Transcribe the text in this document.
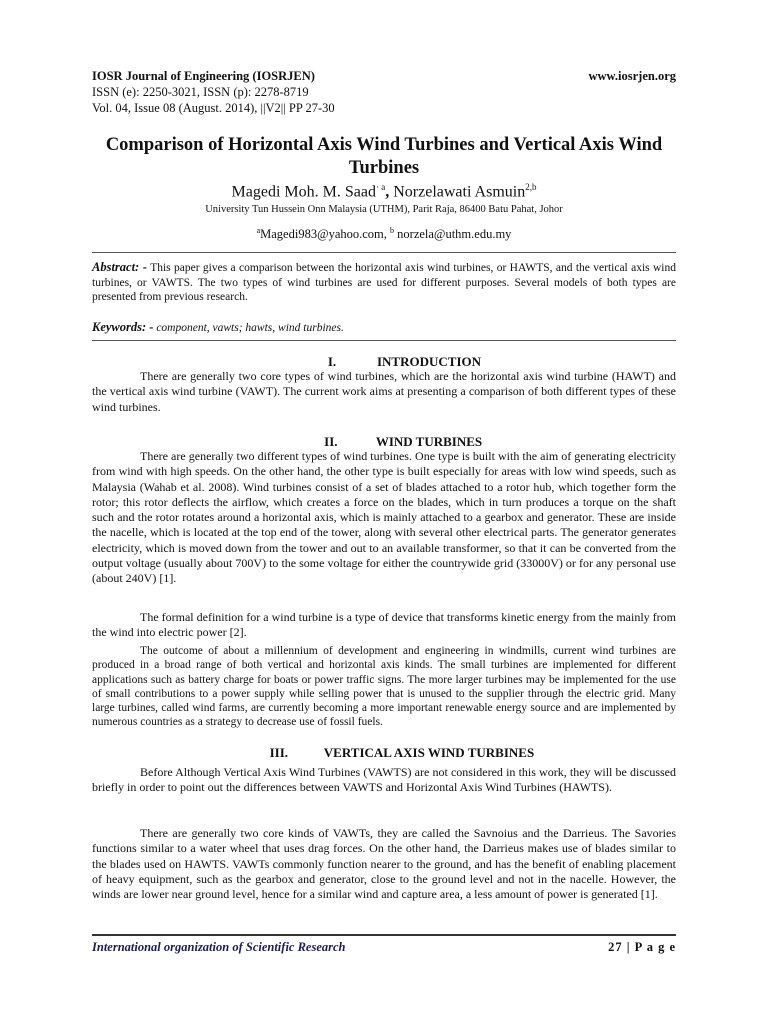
IOSR Journal of Engineering (IOSRJEN)	www.iosrjen.org
ISSN (e): 2250-3021, ISSN (p): 2278-8719
Vol. 04, Issue 08 (August. 2014), ||V2|| PP 27-30
Comparison of Horizontal Axis Wind Turbines and Vertical Axis Wind Turbines
Magedi Moh. M. Saad$^{\cdot a}$, Norzelawati Asmuin$^{2,b}$
University Tun Hussein Onn Malaysia (UTHM), Parit Raja, 86400 Batu Pahat, Johor
$^a$Magedi983@yahoo.com, $^b$ norzela@uthm.edu.my
Abstract: - This paper gives a comparison between the horizontal axis wind turbines, or HAWTS, and the vertical axis wind turbines, or VAWTS. The two types of wind turbines are used for different purposes. Several models of both types are presented from previous research.
Keywords: - component, vawts; hawts, wind turbines.
I.	INTRODUCTION

There are generally two core types of wind turbines, which are the horizontal axis wind turbine (HAWT) and the vertical axis wind turbine (VAWT). The current work aims at presenting a comparison of both different types of these wind turbines.

II.	WIND TURBINES

There are generally two different types of wind turbines. One type is built with the aim of generating electricity from wind with high speeds. On the other hand, the other type is built especially for areas with low wind speeds, such as Malaysia (Wahab et al. 2008). Wind turbines consist of a set of blades attached to a rotor hub, which together form the rotor; this rotor deflects the airflow, which creates a force on the blades, which in turn produces a torque on the shaft such and the rotor rotates around a horizontal axis, which is mainly attached to a gearbox and generator. These are inside the nacelle, which is located at the top end of the tower, along with several other electrical parts. The generator generates electricity, which is moved down from the tower and out to an available transformer, so that it can be converted from the output voltage (usually about 700V) to the some voltage for either the countrywide grid (33000V) or for any personal use (about 240V) [1].

The formal definition for a wind turbine is a type of device that transforms kinetic energy from the mainly from the wind into electric power [2].

The outcome of about a millennium of development and engineering in windmills, current wind turbines are produced in a broad range of both vertical and horizontal axis kinds. The small turbines are implemented for different applications such as battery charge for boats or power traffic signs. The more larger turbines may be implemented for the use of small contributions to a power supply while selling power that is unused to the supplier through the electric grid. Many large turbines, called wind farms, are currently becoming a more important renewable energy source and are implemented by numerous countries as a strategy to decrease use of fossil fuels.

III.	VERTICAL AXIS WIND TURBINES

Before Although Vertical Axis Wind Turbines (VAWTS) are not considered in this work, they will be discussed briefly in order to point out the differences between VAWTS and Horizontal Axis Wind Turbines (HAWTS).

There are generally two core kinds of VAWTs, they are called the Savnoius and the Darrieus. The Savories functions similar to a water wheel that uses drag forces. On the other hand, the Darrieus makes use of blades similar to the blades used on HAWTS. VAWTs commonly function nearer to the ground, and has the benefit of enabling placement of heavy equipment, such as the gearbox and generator, close to the ground level and not in the nacelle. However, the winds are lower near ground level, hence for a similar wind and capture area, a less amount of power is generated [1].

International organization of Scientific Research	27 | P a g e
